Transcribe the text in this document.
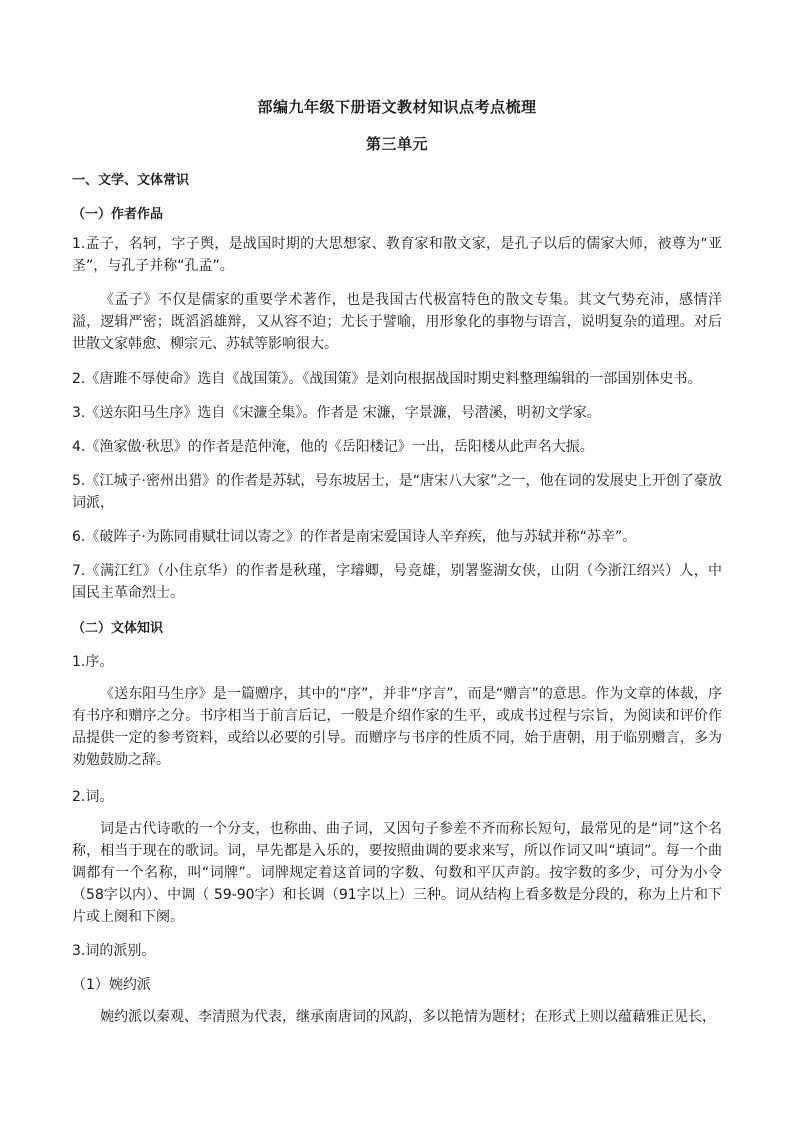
部编九年级下册语文教材知识点考点梳理
第三单元
一、文学、文体常识
（一）作者作品

1.孟子，名轲，字子舆，是战国时期的大思想家、教育家和散文家，是孔子以后的儒家大师，被尊为“亚圣”，与孔子并称“孔孟”。

《孟子》不仅是儒家的重要学术著作，也是我国古代极富特色的散文专集。其文气势充沛，感情洋溢，逻辑严密；既滔滔雄辩，又从容不迫；尤长于譬喻，用形象化的事物与语言，说明复杂的道理。对后世散文家韩愈、柳宗元、苏轼等影响很大。

2.《唐雎不辱使命》选自《战国策》。《战国策》是刘向根据战国时期史料整理编辑的一部国别体史书。

3.《送东阳马生序》选自《宋濂全集》。作者是 宋濂，字景濂，号潜溪，明初文学家。

4.《渔家傲·秋思》的作者是范仲淹，他的《岳阳楼记》一出，岳阳楼从此声名大振。

5.《江城子·密州出猎》的作者是苏轼，号东坡居士，是“唐宋八大家”之一，他在词的发展史上开创了豪放词派，

6.《破阵子·为陈同甫赋壮词以寄之》的作者是南宋爱国诗人辛弃疾，他与苏轼并称“苏辛”。

7.《满江红》（小住京华）的作者是秋瑾，字璿卿，号竞雄，别署鉴湖女侠，山阴（今浙江绍兴）人，中国民主革命烈士。

（二）文体知识
1.序。

《送东阳马生序》是一篇赠序，其中的“序”，并非“序言”，而是“赠言”的意思。作为文章的体裁，序有书序和赠序之分。书序相当于前言后记，一般是介绍作家的生平，或成书过程与宗旨，为阅读和评价作品提供一定的参考资料，或给以必要的引导。而赠序与书序的性质不同，始于唐朝，用于临别赠言，多为劝勉鼓励之辞。

2.词。

词是古代诗歌的一个分支，也称曲、曲子词，又因句子参差不齐而称长短句，最常见的是“词”这个名称，相当于现在的歌词。词，早先都是入乐的，要按照曲调的要求来写，所以作词又叫“填词”。每一个曲调都有一个名称，叫“词牌”。词牌规定着这首词的字数、句数和平仄声韵。按字数的多少，可分为小令（58字以内）、中调（ 59-90字）和长调（91字以上）三种。词从结构上看多数是分段的，称为上片和下片或上阕和下阕。

3.词的派别。
（1）婉约派

婉约派以秦观、李清照为代表，继承南唐词的风韵，多以艳情为题材；在形式上则以蕴藉雅正见长，
